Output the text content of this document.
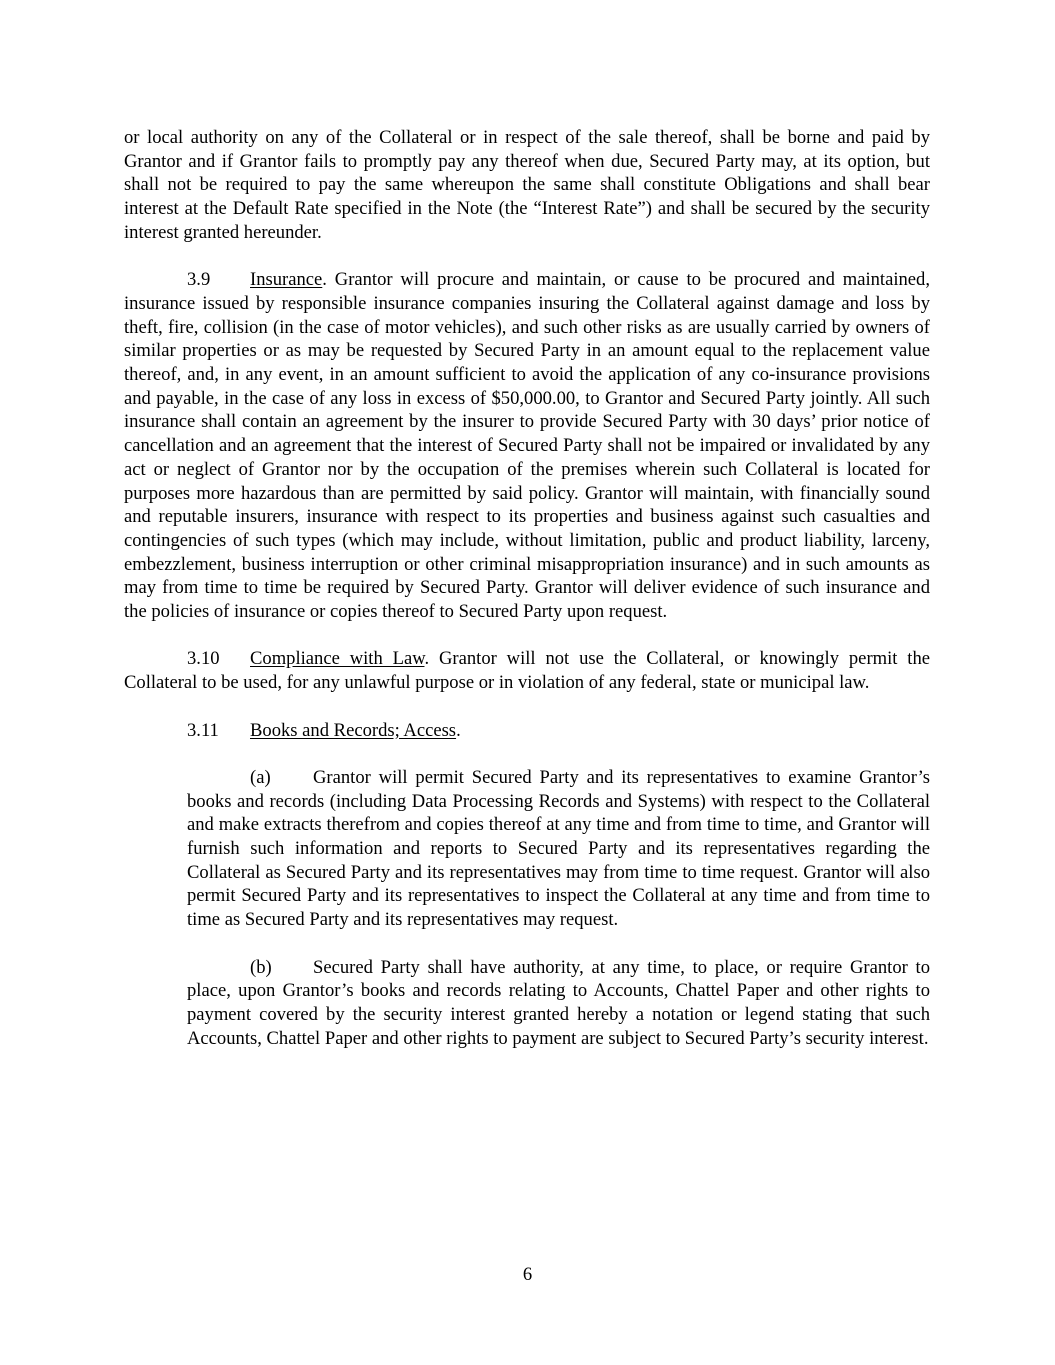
or local authority on any of the Collateral or in respect of the sale thereof, shall be borne and paid by Grantor and if Grantor fails to promptly pay any thereof when due, Secured Party may, at its option, but shall not be required to pay the same whereupon the same shall constitute Obligations and shall bear interest at the Default Rate specified in the Note (the “Interest Rate”) and shall be secured by the security interest granted hereunder.

3.9 Insurance. Grantor will procure and maintain, or cause to be procured and maintained, insurance issued by responsible insurance companies insuring the Collateral against damage and loss by theft, fire, collision (in the case of motor vehicles), and such other risks as are usually carried by owners of similar properties or as may be requested by Secured Party in an amount equal to the replacement value thereof, and, in any event, in an amount sufficient to avoid the application of any co-insurance provisions and payable, in the case of any loss in excess of $50,000.00, to Grantor and Secured Party jointly. All such insurance shall contain an agreement by the insurer to provide Secured Party with 30 days’ prior notice of cancellation and an agreement that the interest of Secured Party shall not be impaired or invalidated by any act or neglect of Grantor nor by the occupation of the premises wherein such Collateral is located for purposes more hazardous than are permitted by said policy. Grantor will maintain, with financially sound and reputable insurers, insurance with respect to its properties and business against such casualties and contingencies of such types (which may include, without limitation, public and product liability, larceny, embezzlement, business interruption or other criminal misappropriation insurance) and in such amounts as may from time to time be required by Secured Party. Grantor will deliver evidence of such insurance and the policies of insurance or copies thereof to Secured Party upon request.

3.10 Compliance with Law. Grantor will not use the Collateral, or knowingly permit the Collateral to be used, for any unlawful purpose or in violation of any federal, state or municipal law.

3.11 Books and Records; Access.

(a) Grantor will permit Secured Party and its representatives to examine Grantor’s books and records (including Data Processing Records and Systems) with respect to the Collateral and make extracts therefrom and copies thereof at any time and from time to time, and Grantor will furnish such information and reports to Secured Party and its representatives regarding the Collateral as Secured Party and its representatives may from time to time request. Grantor will also permit Secured Party and its representatives to inspect the Collateral at any time and from time to time as Secured Party and its representatives may request.

(b) Secured Party shall have authority, at any time, to place, or require Grantor to place, upon Grantor’s books and records relating to Accounts, Chattel Paper and other rights to payment covered by the security interest granted hereby a notation or legend stating that such Accounts, Chattel Paper and other rights to payment are subject to Secured Party’s security interest.

6
